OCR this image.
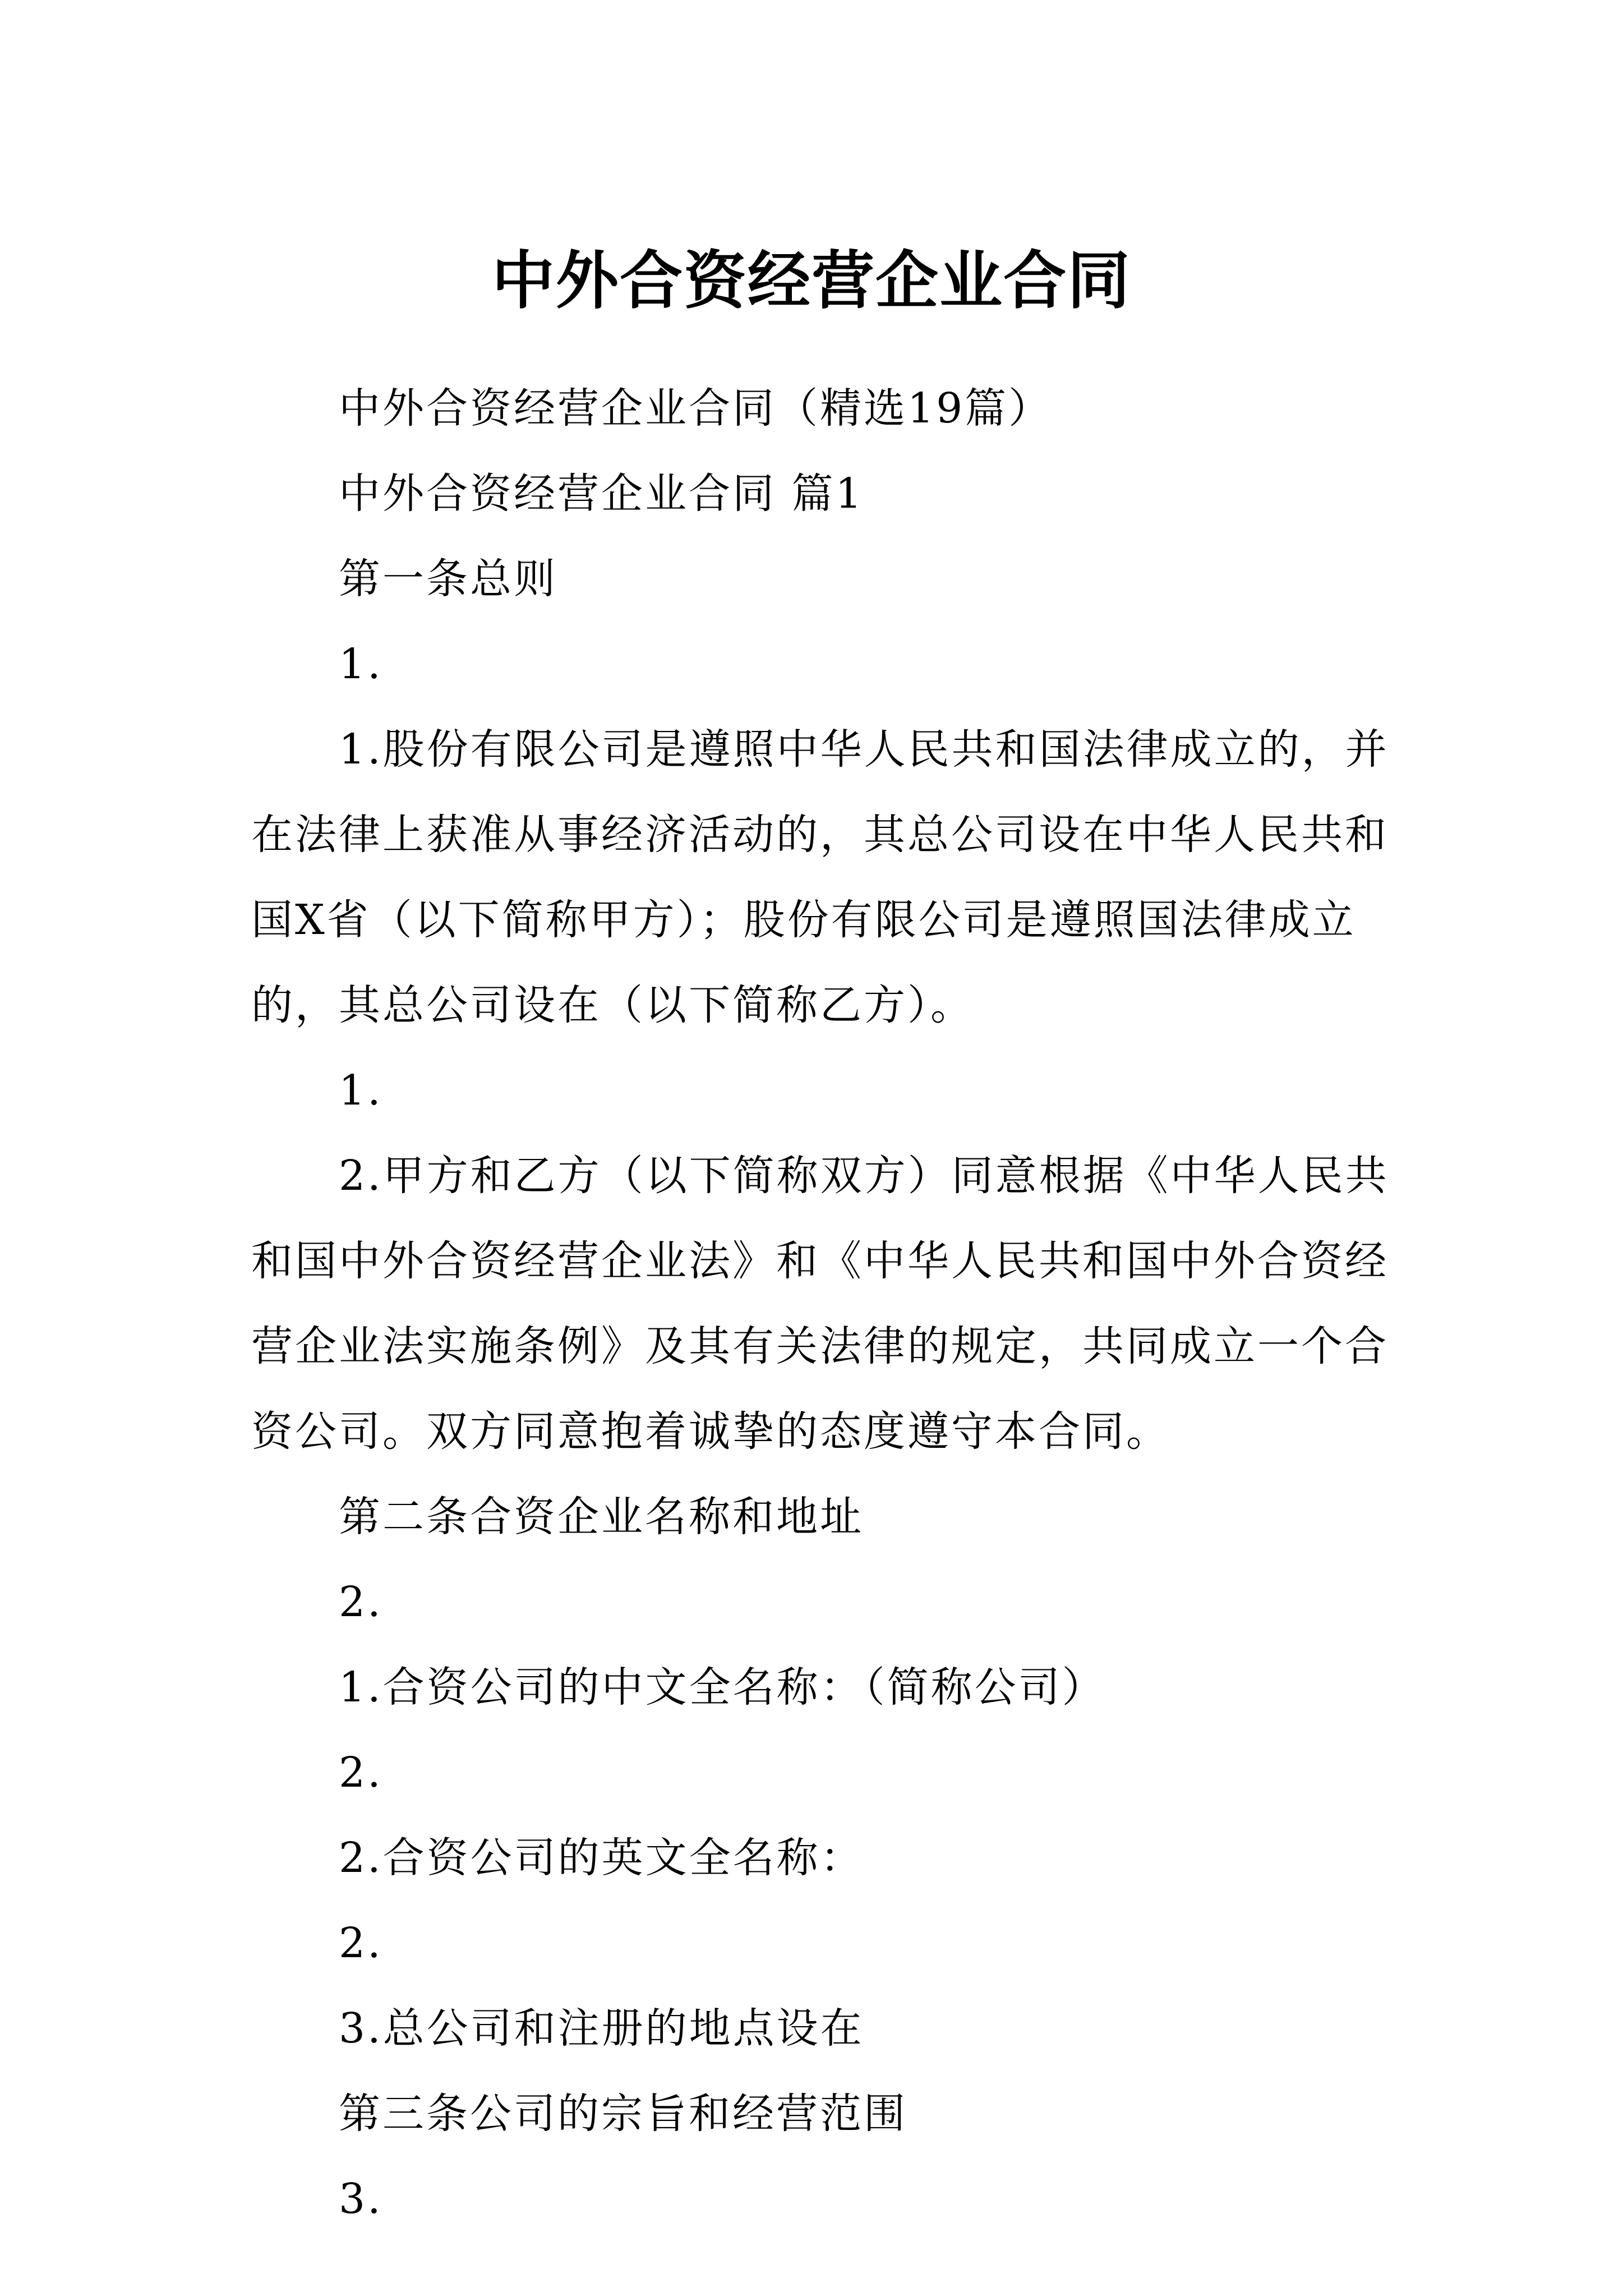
中外合资经营企业合同

中外合资经营企业合同（精选19篇）

中外合资经营企业合同 篇1

第一条总则

1.

1.股份有限公司是遵照中华人民共和国法律成立的，并在法律上获准从事经济活动的，其总公司设在中华人民共和国X省（以下简称甲方）；股份有限公司是遵照国法律成立的，其总公司设在（以下简称乙方）。

1.

2.甲方和乙方（以下简称双方）同意根据《中华人民共和国中外合资经营企业法》和《中华人民共和国中外合资经营企业法实施条例》及其有关法律的规定，共同成立一个合资公司。双方同意抱着诚挚的态度遵守本合同。

第二条合资企业名称和地址

2.

1.合资公司的中文全名称：（简称公司）

2.

2.合资公司的英文全名称：

2.

3.总公司和注册的地点设在

第三条公司的宗旨和经营范围

3.
